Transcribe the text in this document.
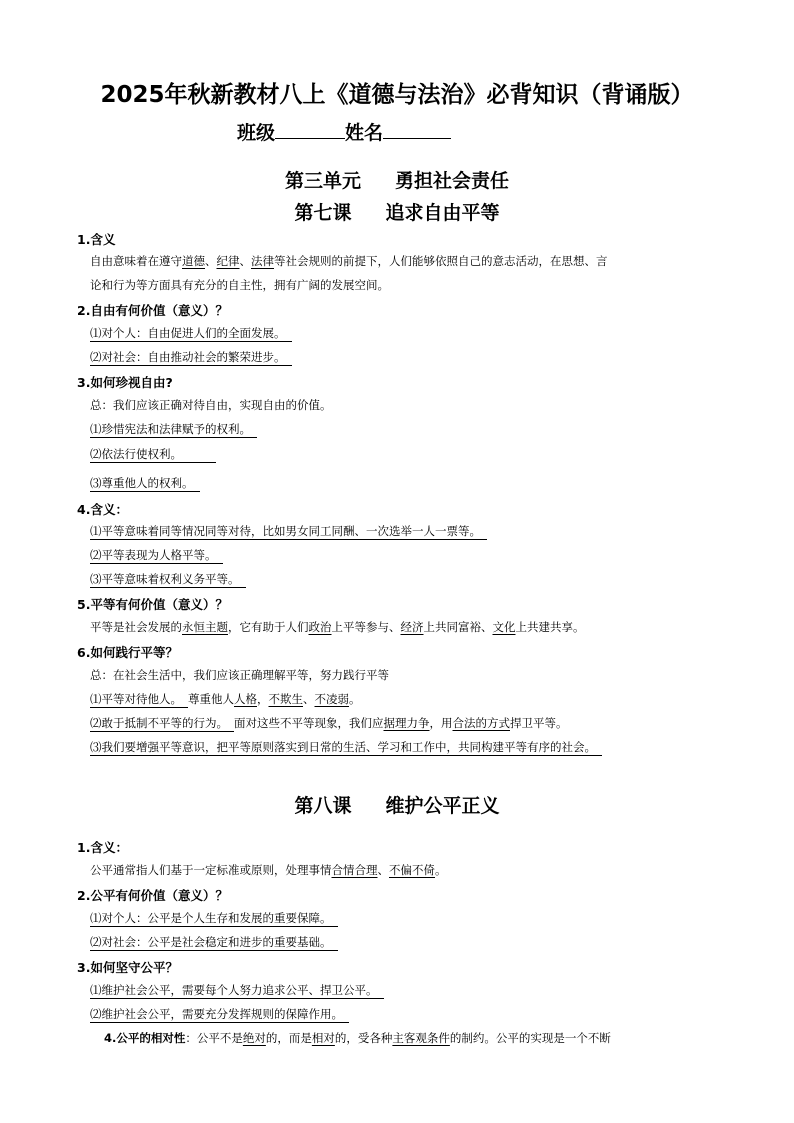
2025年秋新教材八上《道德与法治》必背知识（背诵版）
班级	姓名
第三单元 勇担社会责任
第七课 追求自由平等
1.含义
自由意味着在遵守道德、纪律、法律等社会规则的前提下，人们能够依照自己的意志活动，在思想、言
论和行为等方面具有充分的自主性，拥有广阔的发展空间。
2.自由有何价值（意义）？
⑴对个人：自由促进人们的全面发展。
⑵对社会：自由推动社会的繁荣进步。
3.如何珍视自由?
总：我们应该正确对待自由，实现自由的价值。
⑴珍惜宪法和法律赋予的权利。
⑵依法行使权利。
⑶尊重他人的权利。
4.含义：
⑴平等意味着同等情况同等对待，比如男女同工同酬、一次选举一人一票等。
⑵平等表现为人格平等。
⑶平等意味着权利义务平等。
5.平等有何价值（意义）？
平等是社会发展的永恒主题，它有助于人们政治上平等参与、经济上共同富裕、文化上共建共享。
6.如何践行平等？
总：在社会生活中，我们应该正确理解平等，努力践行平等
⑴平等对待他人。 尊重他人人格，不欺生、不凌弱。
⑵敢于抵制不平等的行为。 面对这些不平等现象，我们应据理力争，用合法的方式捍卫平等。
⑶我们要增强平等意识，把平等原则落实到日常的生活、学习和工作中，共同构建平等有序的社会。
第八课 维护公平正义
1.含义：
公平通常指人们基于一定标准或原则，处理事情合情合理、不偏不倚。
2.公平有何价值（意义）？
⑴对个人：公平是个人生存和发展的重要保障。
⑵对社会：公平是社会稳定和进步的重要基础。
3.如何坚守公平？
⑴维护社会公平，需要每个人努力追求公平、捍卫公平。
⑵维护社会公平，需要充分发挥规则的保障作用。
4.公平的相对性：公平不是绝对的，而是相对的，受各种主客观条件的制约。公平的实现是一个不断
